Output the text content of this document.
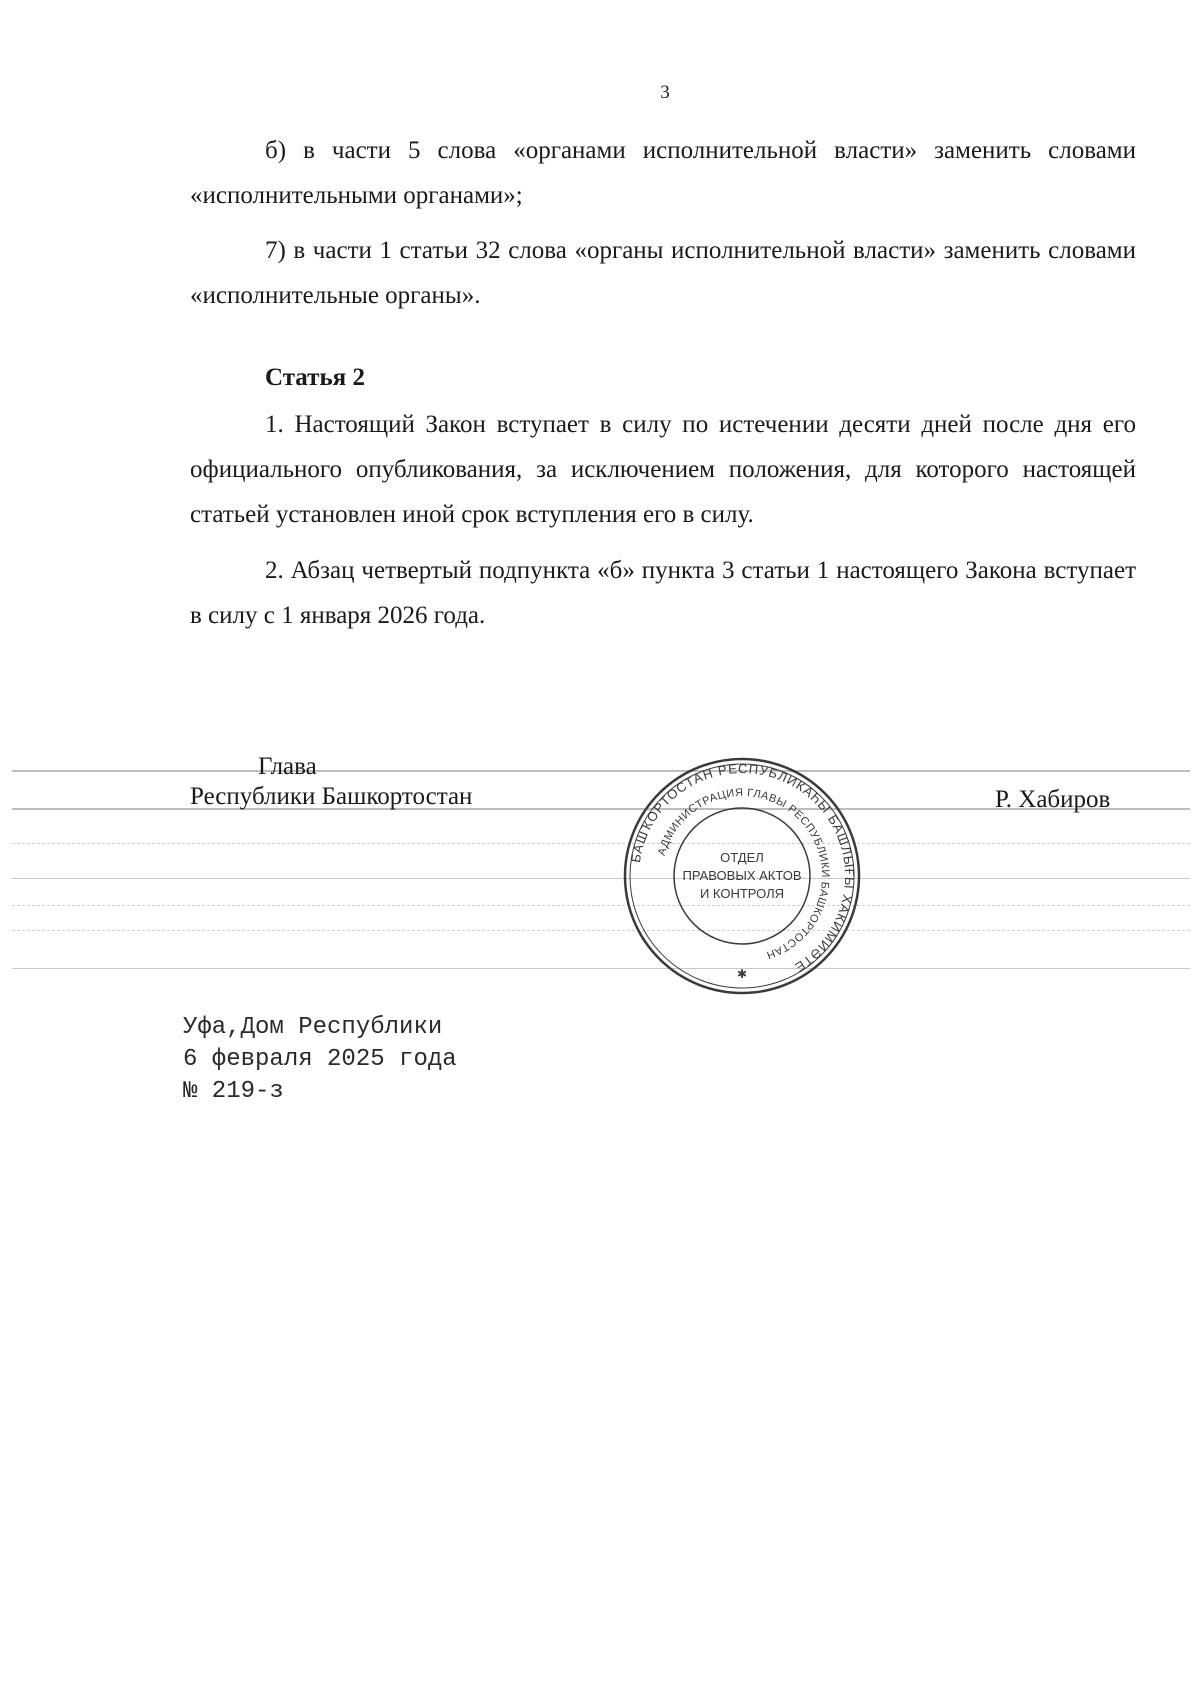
3

б) в части 5 слова «органами исполнительной власти» заменить словами «исполнительными органами»;

7) в части 1 статьи 32 слова «органы исполнительной власти» заменить словами «исполнительные органы».

Статья 2

1. Настоящий Закон вступает в силу по истечении десяти дней после дня его официального опубликования, за исключением положения, для которого настоящей статьей установлен иной срок вступления его в силу.

2. Абзац четвертый подпункта «б» пункта 3 статьи 1 настоящего Закона вступает в силу с 1 января 2026 года.

Глава
Республики Башкортостан	Р. Хабиров
БАШҠОРТОСТАН РЕСПУБЛИКАҺЫ БАШЛЫҒЫ ХАКИМИӘТЕ
АДМИНИСТРАЦИЯ ГЛАВЫ РЕСПУБЛИКИ БАШКОРТОСТАН
ОТДЕЛ
ПРАВОВЫХ АКТОВ
И КОНТРОЛЯ
✱
Уфа,Дом Республики
6 февраля 2025 года
№ 219-з
